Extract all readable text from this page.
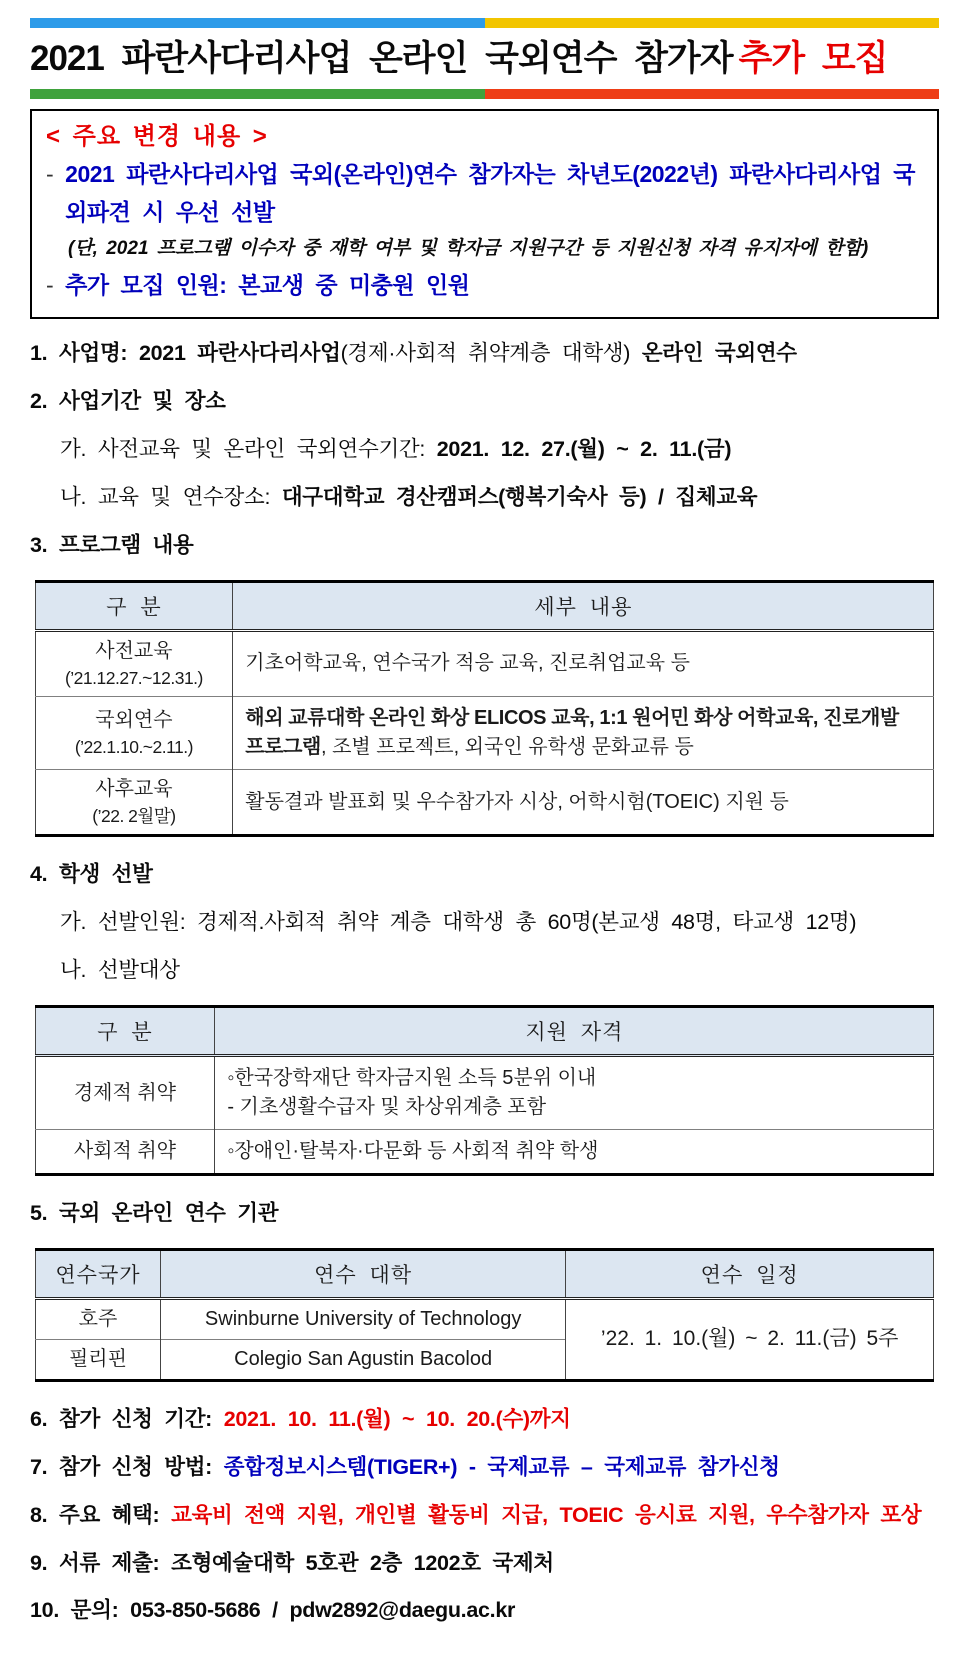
2021 파란사다리사업 온라인 국외연수 참가자 추가 모집
< 주요 변경 내용 >
- 2021 파란사다리사업 국외(온라인)연수 참가자는 차년도(2022년) 파란사다리사업 국외파견 시 우선 선발
(단, 2021 프로그램 이수자 중 재학 여부 및 학자금 지원구간 등 지원신청 자격 유지자에 한함)
- 추가 모집 인원: 본교생 중 미충원 인원
1. 사업명: 2021 파란사다리사업(경제·사회적 취약계층 대학생) 온라인 국외연수
2. 사업기간 및 장소
가. 사전교육 및 온라인 국외연수기간: 2021. 12. 27.(월) ~ 2. 11.(금)
나. 교육 및 연수장소: 대구대학교 경산캠퍼스(행복기숙사 등) / 집체교육
3. 프로그램 내용
구 분	세부 내용

사전교육
(’21.12.27.~12.31.)	기초어학교육, 연수국가 적응 교육, 진로취업교육 등

국외연수
(’22.1.10.~2.11.)	해외 교류대학 온라인 화상 ELICOS 교육, 1:1 원어민 화상 어학교육, 진로개발 프로그램, 조별 프로젝트, 외국인 유학생 문화교류 등

사후교육
(’22. 2월말)	활동결과 발표회 및 우수참가자 시상, 어학시험(TOEIC) 지원 등
4. 학생 선발
가. 선발인원: 경제적.사회적 취약 계층 대학생 총 60명(본교생 48명, 타교생 12명)
나. 선발대상
구 분	지원 자격
경제적 취약	◦한국장학재단 학자금지원 소득 5분위 이내
- 기초생활수급자 및 차상위계층 포함

사회적 취약	◦장애인·탈북자·다문화 등 사회적 취약 학생
5. 국외 온라인 연수 기관
연수국가	연수 대학	연수 일정
호주	Swinburne University of Technology	’22. 1. 10.(월) ~ 2. 11.(금) 5주
필리핀	Colegio San Agustin Bacolod	
6. 참가 신청 기간: 2021. 10. 11.(월) ~ 10. 20.(수)까지
7. 참가 신청 방법: 종합정보시스템(TIGER+) - 국제교류 – 국제교류 참가신청
8. 주요 혜택: 교육비 전액 지원, 개인별 활동비 지급, TOEIC 응시료 지원, 우수참가자 포상
9. 서류 제출: 조형예술대학 5호관 2층 1202호 국제처
10. 문의: 053-850-5686 / pdw2892@daegu.ac.kr
